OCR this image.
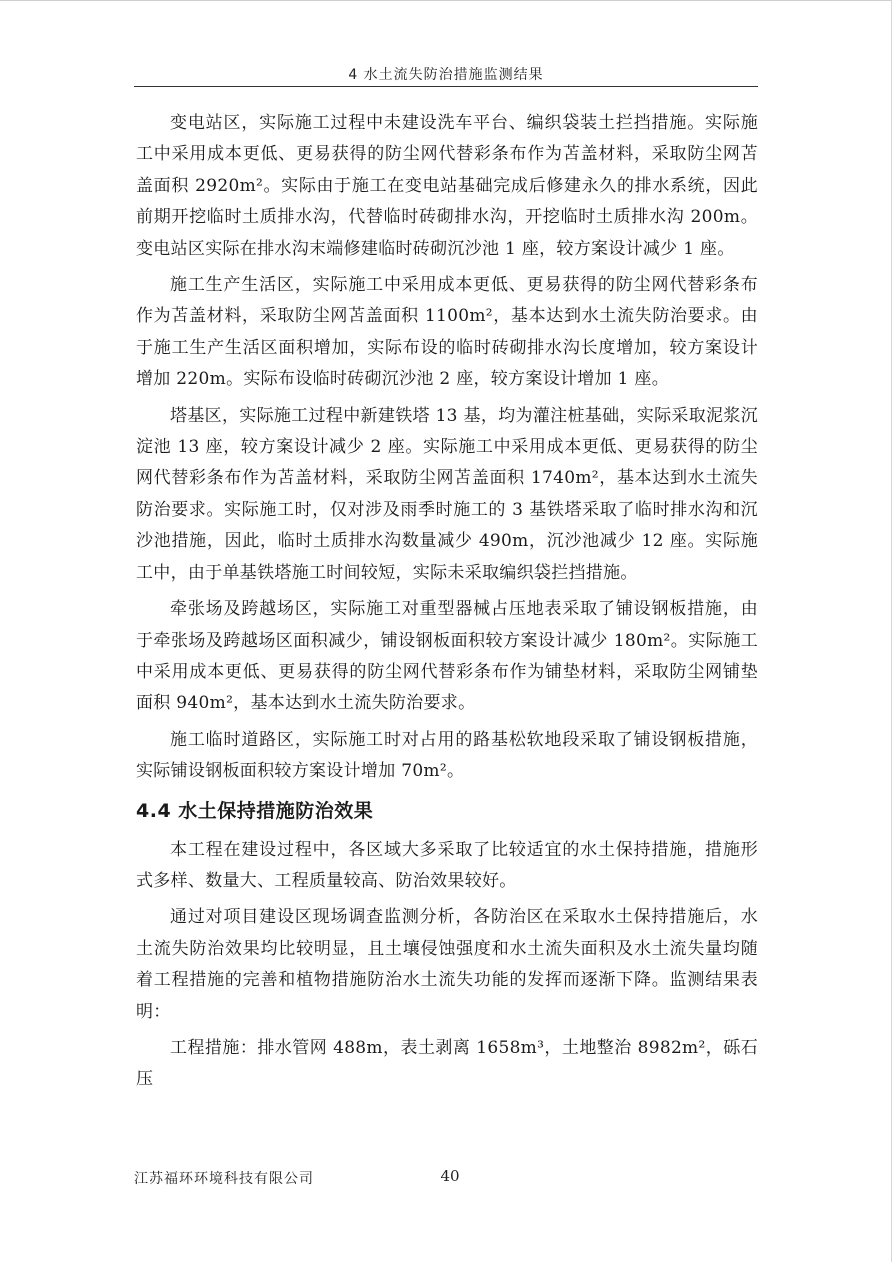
4 水土流失防治措施监测结果

变电站区，实际施工过程中未建设洗车平台、编织袋装土拦挡措施。实际施工中采用成本更低、更易获得的防尘网代替彩条布作为苫盖材料，采取防尘网苫盖面积 2920m²。实际由于施工在变电站基础完成后修建永久的排水系统，因此前期开挖临时土质排水沟，代替临时砖砌排水沟，开挖临时土质排水沟 200m。变电站区实际在排水沟末端修建临时砖砌沉沙池 1 座，较方案设计减少 1 座。

施工生产生活区，实际施工中采用成本更低、更易获得的防尘网代替彩条布作为苫盖材料，采取防尘网苫盖面积 1100m²，基本达到水土流失防治要求。由于施工生产生活区面积增加，实际布设的临时砖砌排水沟长度增加，较方案设计增加 220m。实际布设临时砖砌沉沙池 2 座，较方案设计增加 1 座。

塔基区，实际施工过程中新建铁塔 13 基，均为灌注桩基础，实际采取泥浆沉淀池 13 座，较方案设计减少 2 座。实际施工中采用成本更低、更易获得的防尘网代替彩条布作为苫盖材料，采取防尘网苫盖面积 1740m²，基本达到水土流失防治要求。实际施工时，仅对涉及雨季时施工的 3 基铁塔采取了临时排水沟和沉沙池措施，因此，临时土质排水沟数量减少 490m，沉沙池减少 12 座。实际施工中，由于单基铁塔施工时间较短，实际未采取编织袋拦挡措施。

牵张场及跨越场区，实际施工对重型器械占压地表采取了铺设钢板措施，由于牵张场及跨越场区面积减少，铺设钢板面积较方案设计减少 180m²。实际施工中采用成本更低、更易获得的防尘网代替彩条布作为铺垫材料，采取防尘网铺垫面积 940m²，基本达到水土流失防治要求。

施工临时道路区，实际施工时对占用的路基松软地段采取了铺设钢板措施，实际铺设钢板面积较方案设计增加 70m²。

4.4 水土保持措施防治效果

本工程在建设过程中，各区域大多采取了比较适宜的水土保持措施，措施形式多样、数量大、工程质量较高、防治效果较好。

通过对项目建设区现场调查监测分析，各防治区在采取水土保持措施后，水土流失防治效果均比较明显，且土壤侵蚀强度和水土流失面积及水土流失量均随着工程措施的完善和植物措施防治水土流失功能的发挥而逐渐下降。监测结果表明：

工程措施：排水管网 488m，表土剥离 1658m³，土地整治 8982m²，砾石压

江苏福环环境科技有限公司	40
